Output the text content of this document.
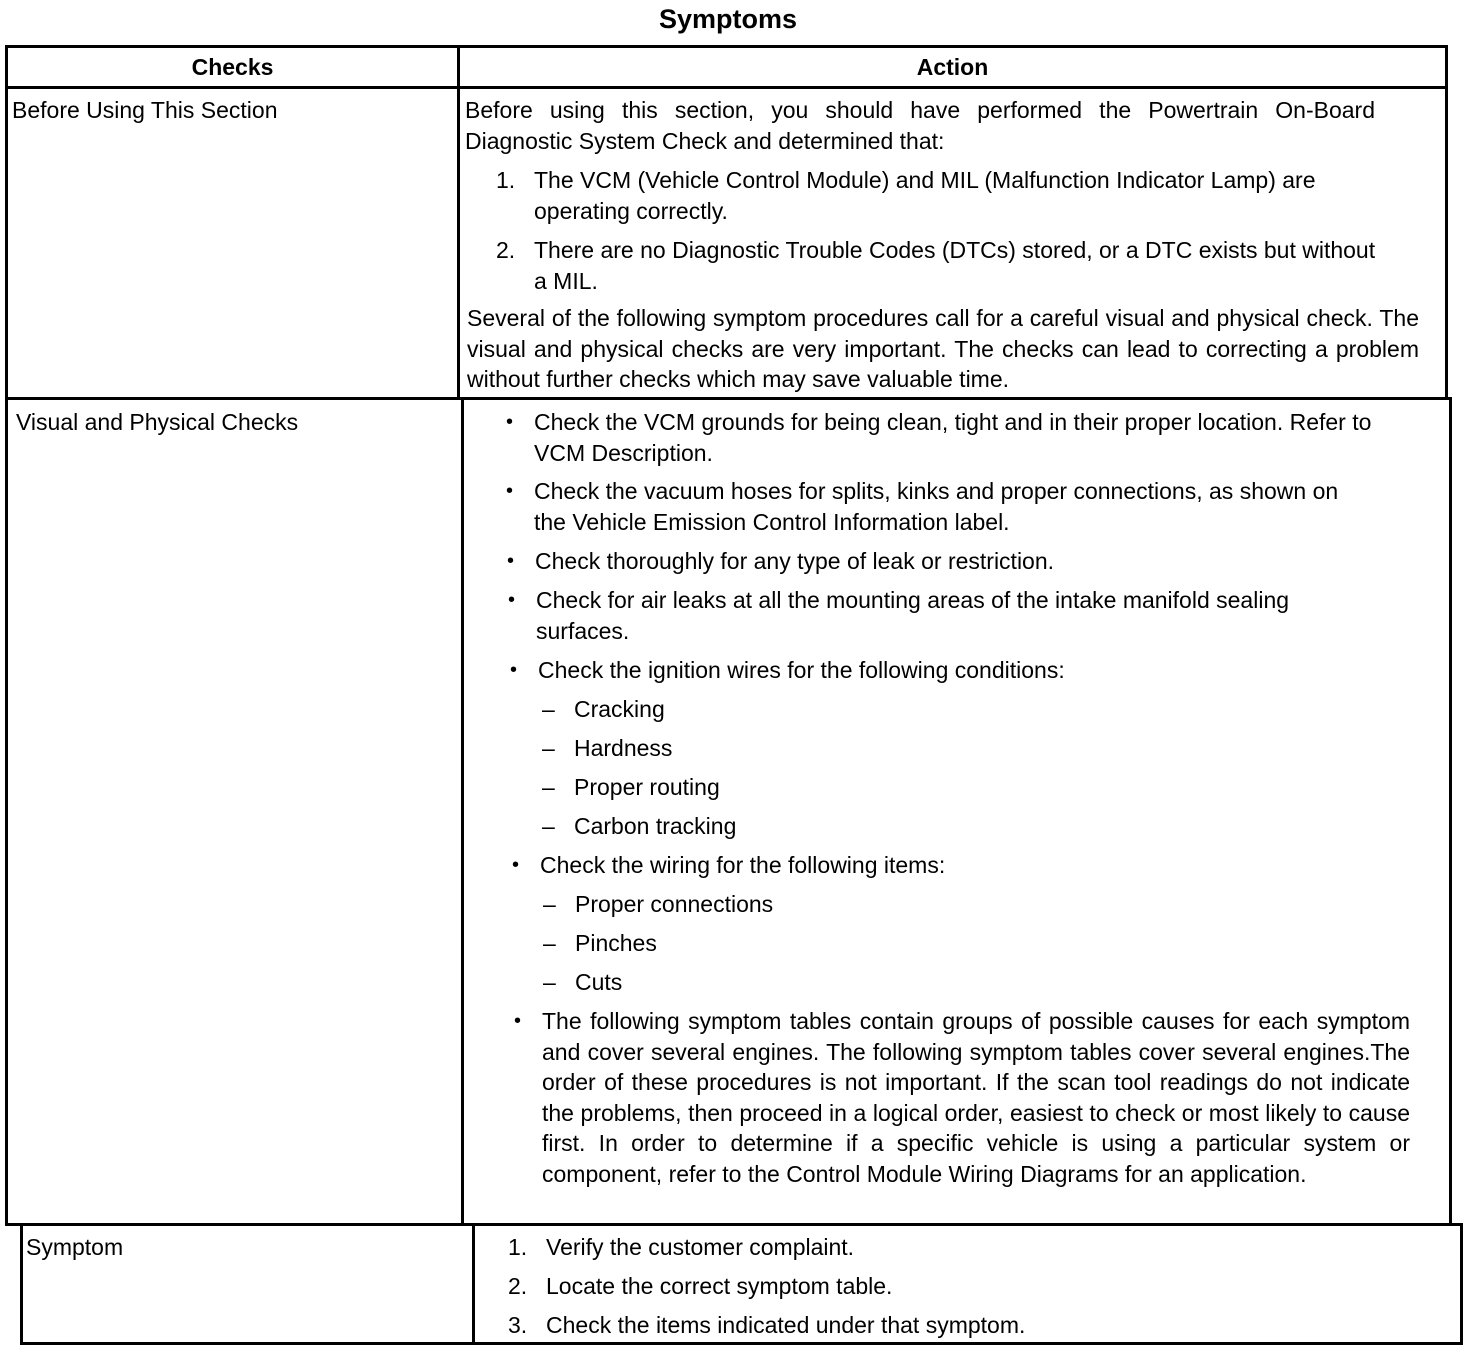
Symptoms
Checks	Action
Before Using This Section	Before using this section, you should have performed the Powertrain On-Board Diagnostic System Check and determined that:
1. The VCM (Vehicle Control Module) and MIL (Malfunction Indicator Lamp) are operating correctly.
2. There are no Diagnostic Trouble Codes (DTCs) stored, or a DTC exists but without a MIL.
Several of the following symptom procedures call for a careful visual and physical check. The visual and physical checks are very important. The checks can lead to correcting a problem without further checks which may save valuable time.
Visual and Physical Checks	• Check the VCM grounds for being clean, tight and in their proper location. Refer to VCM Description.
• Check the vacuum hoses for splits, kinks and proper connections, as shown on the Vehicle Emission Control Information label.
• Check thoroughly for any type of leak or restriction.
• Check for air leaks at all the mounting areas of the intake manifold sealing surfaces.
• Check the ignition wires for the following conditions:
– Cracking
– Hardness
– Proper routing
– Carbon tracking
• Check the wiring for the following items:
– Proper connections
– Pinches
– Cuts
• The following symptom tables contain groups of possible causes for each symptom and cover several engines. The following symptom tables cover several engines.The order of these procedures is not important. If the scan tool readings do not indicate the problems, then proceed in a logical order, easiest to check or most likely to cause first. In order to determine if a specific vehicle is using a particular system or component, refer to the Control Module Wiring Diagrams for an application.
Symptom	1. Verify the customer complaint.
2. Locate the correct symptom table.
3. Check the items indicated under that symptom.
